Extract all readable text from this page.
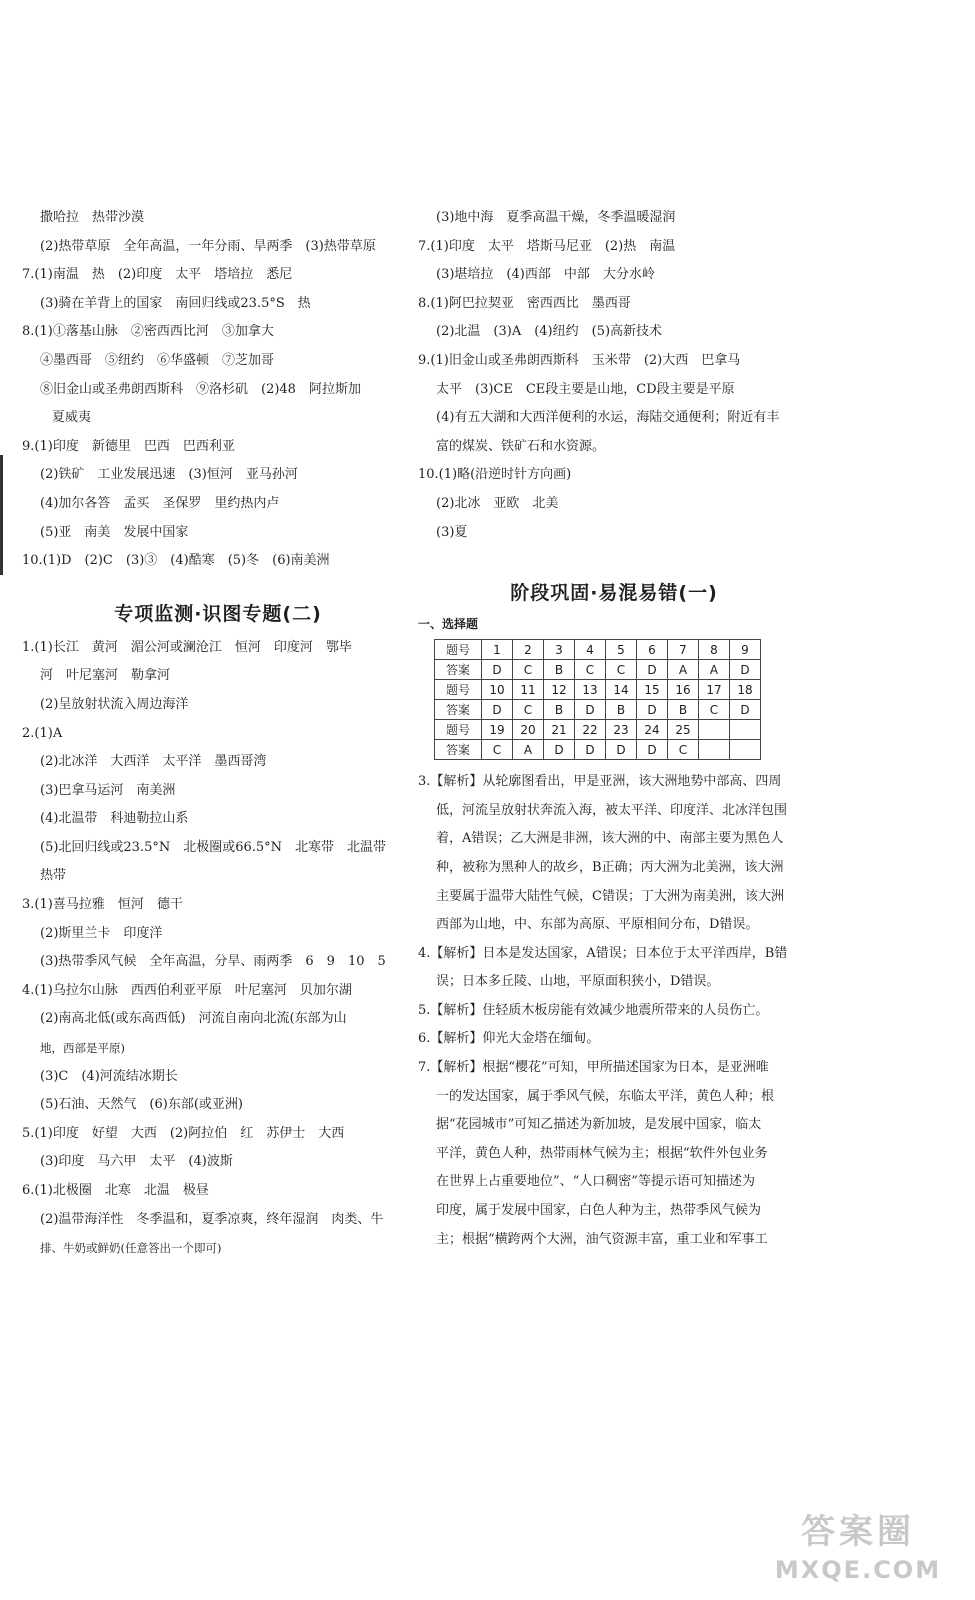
撒哈拉　热带沙漠
(2)热带草原　全年高温，一年分雨、旱两季　(3)热带草原
7.(1)南温　热　(2)印度　太平　塔培拉　悉尼
(3)骑在羊背上的国家　南回归线或23.5°S　热
8.(1)①落基山脉　②密西西比河　③加拿大
④墨西哥　⑤纽约　⑥华盛顿　⑦芝加哥
⑧旧金山或圣弗朗西斯科　⑨洛杉矶　(2)48　阿拉斯加
夏威夷
9.(1)印度　新德里　巴西　巴西利亚
(2)铁矿　工业发展迅速　(3)恒河　亚马孙河
(4)加尔各答　孟买　圣保罗　里约热内卢
(5)亚　南美　发展中国家
10.(1)D　(2)C　(3)③　(4)酷寒　(5)冬　(6)南美洲
专项监测·识图专题(二)
1.(1)长江　黄河　湄公河或澜沧江　恒河　印度河　鄂毕
河　叶尼塞河　勒拿河
(2)呈放射状流入周边海洋
2.(1)A
(2)北冰洋　大西洋　太平洋　墨西哥湾
(3)巴拿马运河　南美洲
(4)北温带　科迪勒拉山系
(5)北回归线或23.5°N　北极圈或66.5°N　北寒带　北温带
热带
3.(1)喜马拉雅　恒河　德干
(2)斯里兰卡　印度洋
(3)热带季风气候　全年高温，分旱、雨两季　6　9　10　5
4.(1)乌拉尔山脉　西西伯利亚平原　叶尼塞河　贝加尔湖
(2)南高北低(或东高西低)　河流自南向北流(东部为山
地，西部是平原)
(3)C　(4)河流结冰期长
(5)石油、天然气　(6)东部(或亚洲)
5.(1)印度　好望　大西　(2)阿拉伯　红　苏伊士　大西
(3)印度　马六甲　太平　(4)波斯
6.(1)北极圈　北寒　北温　极昼
(2)温带海洋性　冬季温和，夏季凉爽，终年湿润　肉类、牛
排、牛奶或鲜奶(任意答出一个即可)
(3)地中海　夏季高温干燥，冬季温暖湿润
7.(1)印度　太平　塔斯马尼亚　(2)热　南温
(3)堪培拉　(4)西部　中部　大分水岭
8.(1)阿巴拉契亚　密西西比　墨西哥
(2)北温　(3)A　(4)纽约　(5)高新技术
9.(1)旧金山或圣弗朗西斯科　玉米带　(2)大西　巴拿马
太平　(3)CE　CE段主要是山地，CD段主要是平原
(4)有五大湖和大西洋便利的水运，海陆交通便利；附近有丰
富的煤炭、铁矿石和水资源。
10.(1)略(沿逆时针方向画)
(2)北冰　亚欧　北美
(3)夏
阶段巩固·易混易错(一)
一、选择题
题号	1	2	3	4	5	6	7	8	9
答案	D	C	B	C	C	D	A	A	D
题号	10	11	12	13	14	15	16	17	18
答案	D	C	B	D	B	D	B	C	D
题号	19	20	21	22	23	24	25		
答案	C	A	D	D	D	D	C		
3.【解析】从轮廓图看出，甲是亚洲，该大洲地势中部高、四周
低，河流呈放射状奔流入海，被太平洋、印度洋、北冰洋包围
着，A错误；乙大洲是非洲，该大洲的中、南部主要为黑色人
种，被称为黑种人的故乡，B正确；丙大洲为北美洲，该大洲
主要属于温带大陆性气候，C错误；丁大洲为南美洲，该大洲
西部为山地，中、东部为高原、平原相间分布，D错误。
4.【解析】日本是发达国家，A错误；日本位于太平洋西岸，B错
误；日本多丘陵、山地，平原面积狭小，D错误。
5.【解析】住轻质木板房能有效减少地震所带来的人员伤亡。
6.【解析】仰光大金塔在缅甸。
7.【解析】根据“樱花”可知，甲所描述国家为日本，是亚洲唯
一的发达国家，属于季风气候，东临太平洋，黄色人种；根
据“花园城市”可知乙描述为新加坡，是发展中国家，临太
平洋，黄色人种，热带雨林气候为主；根据“软件外包业务
在世界上占重要地位”、“人口稠密”等提示语可知描述为
印度，属于发展中国家，白色人种为主，热带季风气候为
主；根据“横跨两个大洲，油气资源丰富，重工业和军事工
答案圈
MXQE.COM
